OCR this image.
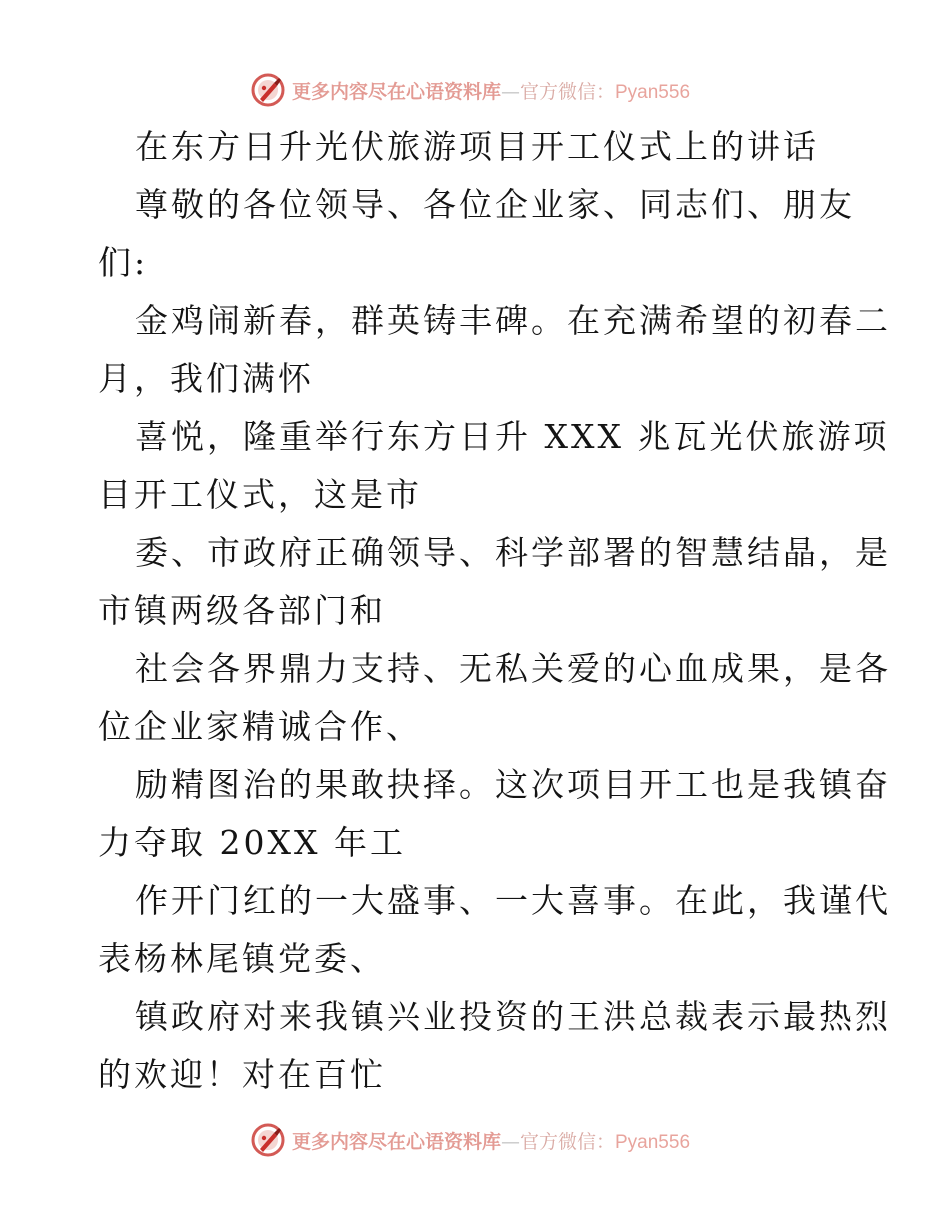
更多内容尽在心语资料库—官方微信：Pyan556
在东方日升光伏旅游项目开工仪式上的讲话
尊敬的各位领导、各位企业家、同志们、朋友
们:
金鸡闹新春，群英铸丰碑。在充满希望的初春二
月，我们满怀
喜悦，隆重举行东方日升 XXX 兆瓦光伏旅游项
目开工仪式，这是市
委、市政府正确领导、科学部署的智慧结晶，是
市镇两级各部门和
社会各界鼎力支持、无私关爱的心血成果，是各
位企业家精诚合作、
励精图治的果敢抉择。这次项目开工也是我镇奋
力夺取 20XX 年工
作开门红的一大盛事、一大喜事。在此，我谨代
表杨林尾镇党委、
镇政府对来我镇兴业投资的王洪总裁表示最热烈
的欢迎！对在百忙
更多内容尽在心语资料库—官方微信：Pyan556
